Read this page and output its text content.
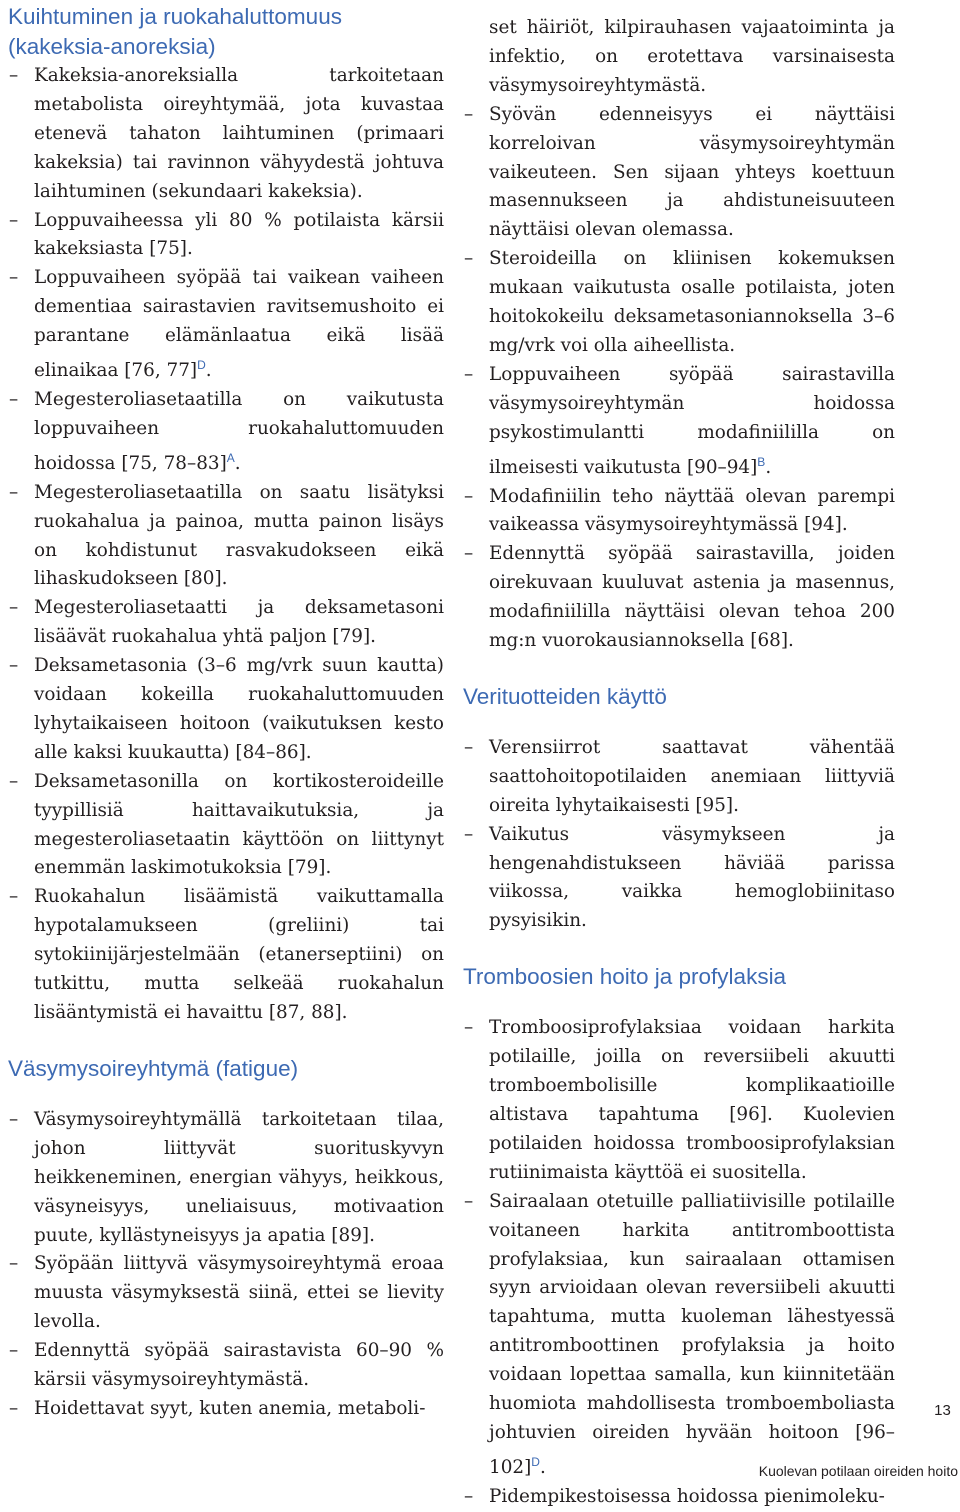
Kuihtuminen ja ruokahaluttomuus (kakeksia-anoreksia)
– Kakeksia-anoreksialla tarkoitetaan metabolista oireyhtymää, jota kuvastaa etenevä tahaton laihtuminen (primaari kakeksia) tai ravinnon vähyydestä johtuva laihtuminen (sekundaari kakeksia).
– Loppuvaiheessa yli 80 % potilaista kärsii kakeksiasta [75].
– Loppuvaiheen syöpää tai vaikean vaiheen dementiaa sairastavien ravitsemushoito ei parantane elämänlaatua eikä lisää elinaikaa [76, 77]$^D$.
– Megesteroliasetaatilla on vaikutusta loppuvaiheen ruokahaluttomuuden hoidossa [75, 78–83]$^A$.
– Megesteroliasetaatilla on saatu lisätyksi ruokahalua ja painoa, mutta painon lisäys on kohdistunut rasvakudokseen eikä lihaskudokseen [80].
– Megesteroliasetaatti ja deksametasoni lisäävät ruokahalua yhtä paljon [79].
– Deksametasonia (3–6 mg/vrk suun kautta) voidaan kokeilla ruokahaluttomuuden lyhytaikaiseen hoitoon (vaikutuksen kesto alle kaksi kuukautta) [84–86].
– Deksametasonilla on kortikosteroideille tyypillisiä haittavaikutuksia, ja megesteroliasetaatin käyttöön on liittynyt enemmän laskimotukoksia [79].
– Ruokahalun lisäämistä vaikuttamalla hypotalamukseen (greliini) tai sytokiinijärjestelmään (etanerseptiini) on tutkittu, mutta selkeää ruokahalun lisääntymistä ei havaittu [87, 88].
Väsymysoireyhtymä (fatigue)
– Väsymysoireyhtymällä tarkoitetaan tilaa, johon liittyvät suorituskyvyn heikkeneminen, energian vähyys, heikkous, väsyneisyys, uneliaisuus, motivaation puute, kyllästyneisyys ja apatia [89].
– Syöpään liittyvä väsymysoireyhtymä eroaa muusta väsymyksestä siinä, ettei se lievity levolla.
– Edennyttä syöpää sairastavista 60–90 % kärsii väsymysoireyhtymästä.
– Hoidettavat syyt, kuten anemia, metaboli-
set häiriöt, kilpirauhasen vajaatoiminta ja infektio, on erotettava varsinaisesta väsymysoireyhtymästä.
– Syövän edenneisyys ei näyttäisi korreloivan väsymysoireyhtymän vaikeuteen. Sen sijaan yhteys koettuun masennukseen ja ahdistuneisuuteen näyttäisi olevan olemassa.
– Steroideilla on kliinisen kokemuksen mukaan vaikutusta osalle potilaista, joten hoitokokeilu deksametasoniannoksella 3–6 mg/vrk voi olla aiheellista.
– Loppuvaiheen syöpää sairastavilla väsymysoireyhtymän hoidossa psykostimulantti modafiniililla on ilmeisesti vaikutusta $[90-94]^B$.
– Modafiniilin teho näyttää olevan parempi vaikeassa väsymysoireyhtymässä [94].
– Edennyttä syöpää sairastavilla, joiden oirekuvaan kuuluvat astenia ja masennus, modafiniililla näyttäisi olevan tehoa 200 mg:n vuorokausiannoksella [68].
Verituotteiden käyttö
– Verensiirrot saattavat vähentää saattohoitopotilaiden anemiaan liittyviä oireita lyhytaikaisesti [95].
– Vaikutus väsymykseen ja hengenahdistukseen häviää parissa viikossa, vaikka hemoglobiinitaso pysyisikin.
Tromboosien hoito ja profylaksia
– Tromboosiprofylaksiaa voidaan harkita potilaille, joilla on reversiibeli akuutti tromboembolisille komplikaatioille altistava tapahtuma [96]. Kuolevien potilaiden hoidossa tromboosiprofylaksian rutiinimaista käyttöä ei suositella.
– Sairaalaan otetuille palliatiivisille potilaille voitaneen harkita antitromboottista profylaksiaa, kun sairaalaan ottamisen syyn arvioidaan olevan reversiibeli akuutti tapahtuma, mutta kuoleman lähestyessä antitromboottinen profylaksia ja hoito voidaan lopettaa samalla, kun kiinnitetään huomiota mahdollisesta tromboemboliasta johtuvien oireiden hyvään hoitoon $[96-102]^D$.
– Pidempikestoisessa hoidossa pienimoleku-
13
Kuolevan potilaan oireiden hoito
